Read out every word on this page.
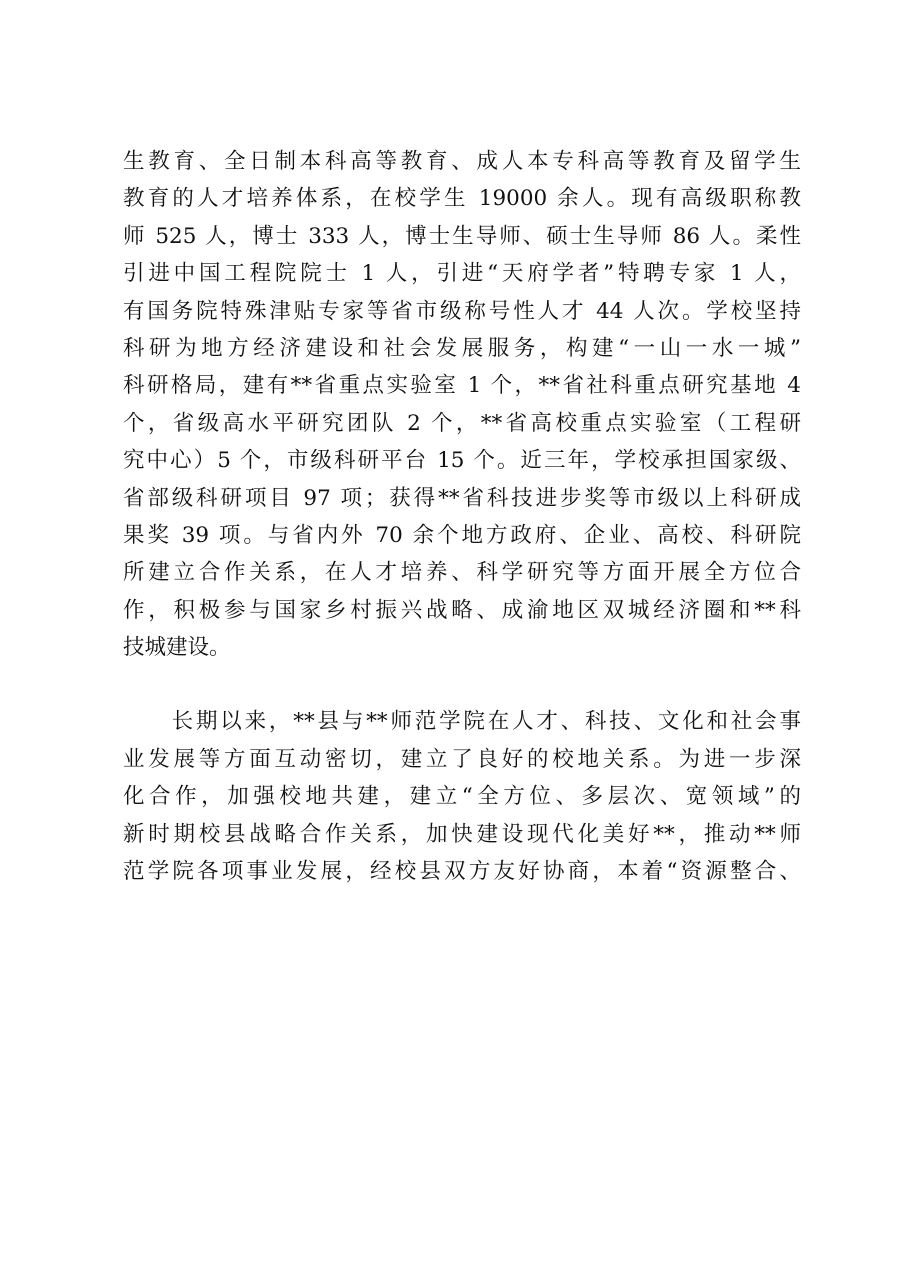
生教育、全日制本科高等教育、成人本专科高等教育及留学生
教育的人才培养体系，在校学生 19000 余人。现有高级职称教
师 525 人，博士 333 人，博士生导师、硕士生导师 86 人。柔性
引进中国工程院院士 1 人，引进“天府学者”特聘专家 1 人，
有国务院特殊津贴专家等省市级称号性人才 44 人次。学校坚持
科研为地方经济建设和社会发展服务，构建“一山一水一城”
科研格局，建有**省重点实验室 1 个，**省社科重点研究基地 4
个，省级高水平研究团队 2 个，**省高校重点实验室（工程研
究中心）5 个，市级科研平台 15 个。近三年，学校承担国家级、
省部级科研项目 97 项；获得**省科技进步奖等市级以上科研成
果奖 39 项。与省内外 70 余个地方政府、企业、高校、科研院
所建立合作关系，在人才培养、科学研究等方面开展全方位合
作，积极参与国家乡村振兴战略、成渝地区双城经济圈和**科
技城建设。
　　长期以来，**县与**师范学院在人才、科技、文化和社会事
业发展等方面互动密切，建立了良好的校地关系。为进一步深
化合作，加强校地共建，建立“全方位、多层次、宽领域”的
新时期校县战略合作关系，加快建设现代化美好**，推动**师
范学院各项事业发展，经校县双方友好协商，本着“资源整合、
